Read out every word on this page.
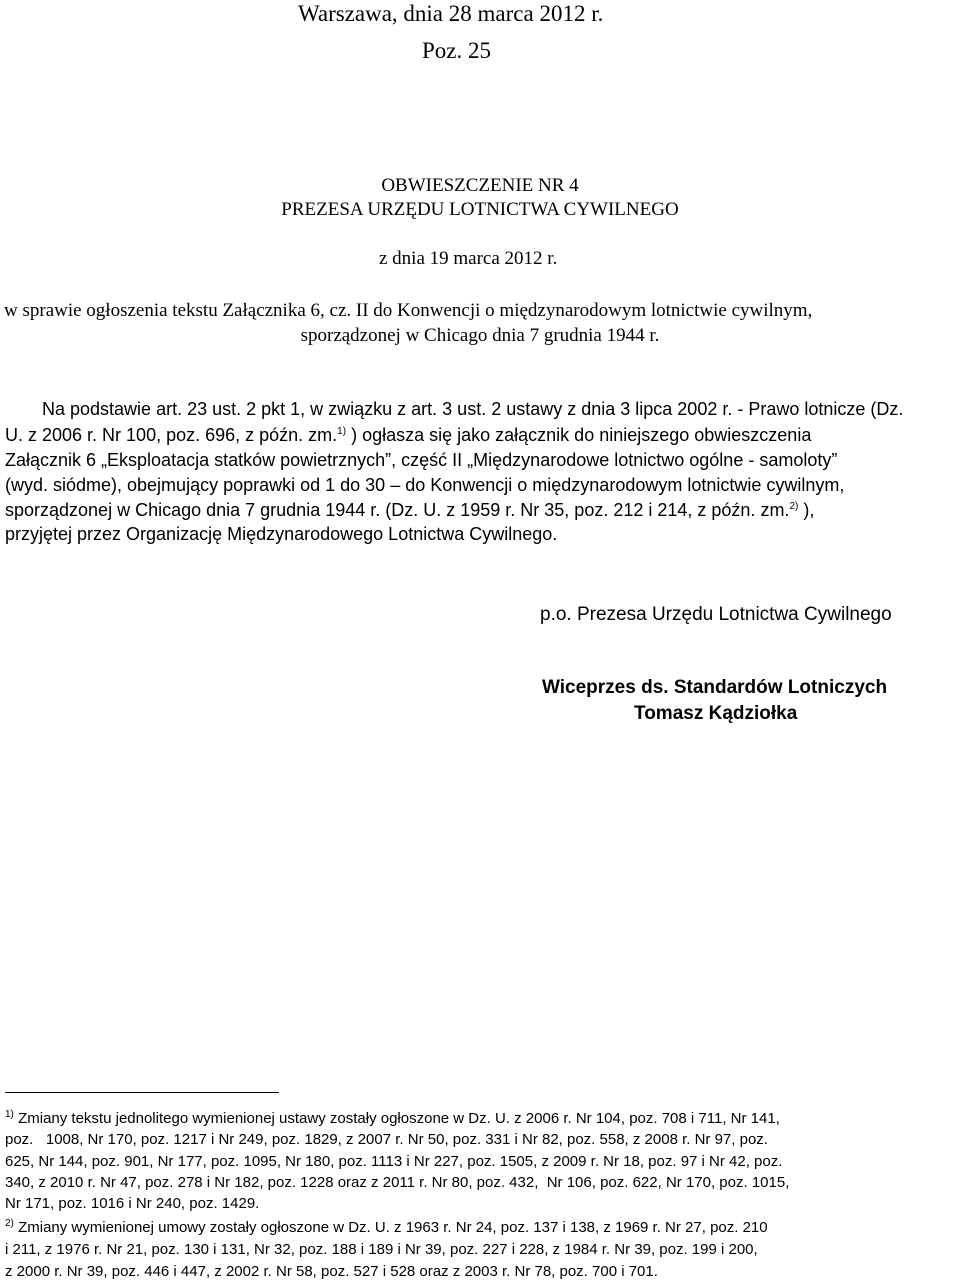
Warszawa, dnia 28 marca 2012 r.
Poz. 25
OBWIESZCZENIE NR 4
PREZESA URZĘDU LOTNICTWA CYWILNEGO
z dnia 19 marca 2012 r.
w sprawie ogłoszenia tekstu Załącznika 6, cz. II do Konwencji o międzynarodowym lotnictwie cywilnym,
sporządzonej w Chicago dnia 7 grudnia 1944 r.
Na podstawie art. 23 ust. 2 pkt 1, w związku z art. 3 ust. 2 ustawy z dnia 3 lipca 2002 r. - Prawo lotnicze (Dz.
U. z 2006 r. Nr 100, poz. 696, z późn. zm.$^{1)}$ ) ogłasza się jako załącznik do niniejszego obwieszczenia
Załącznik 6 „Eksploatacja statków powietrznych”, część II „Międzynarodowe lotnictwo ogólne - samoloty”
(wyd. siódme), obejmujący poprawki od 1 do 30 – do Konwencji o międzynarodowym lotnictwie cywilnym,
sporządzonej w Chicago dnia 7 grudnia 1944 r. (Dz. U. z 1959 r. Nr 35, poz. 212 i 214, z późn. zm.$^{2)}$ ),
przyjętej przez Organizację Międzynarodowego Lotnictwa Cywilnego.
p.o. Prezesa Urzędu Lotnictwa Cywilnego
Wiceprzes ds. Standardów Lotniczych
Tomasz Kądziołka
$^{1)}$ Zmiany tekstu jednolitego wymienionej ustawy zostały ogłoszone w Dz. U. z 2006 r. Nr 104, poz. 708 i 711, Nr 141,
poz.   1008, Nr 170, poz. 1217 i Nr 249, poz. 1829, z 2007 r. Nr 50, poz. 331 i Nr 82, poz. 558, z 2008 r. Nr 97, poz.
625, Nr 144, poz. 901, Nr 177, poz. 1095, Nr 180, poz. 1113 i Nr 227, poz. 1505, z 2009 r. Nr 18, poz. 97 i Nr 42, poz.
340, z 2010 r. Nr 47, poz. 278 i Nr 182, poz. 1228 oraz z 2011 r. Nr 80, poz. 432,  Nr 106, poz. 622, Nr 170, poz. 1015,
Nr 171, poz. 1016 i Nr 240, poz. 1429.
$^{2)}$ Zmiany wymienionej umowy zostały ogłoszone w Dz. U. z 1963 r. Nr 24, poz. 137 i 138, z 1969 r. Nr 27, poz. 210
i 211, z 1976 r. Nr 21, poz. 130 i 131, Nr 32, poz. 188 i 189 i Nr 39, poz. 227 i 228, z 1984 r. Nr 39, poz. 199 i 200,
z 2000 r. Nr 39, poz. 446 i 447, z 2002 r. Nr 58, poz. 527 i 528 oraz z 2003 r. Nr 78, poz. 700 i 701.
